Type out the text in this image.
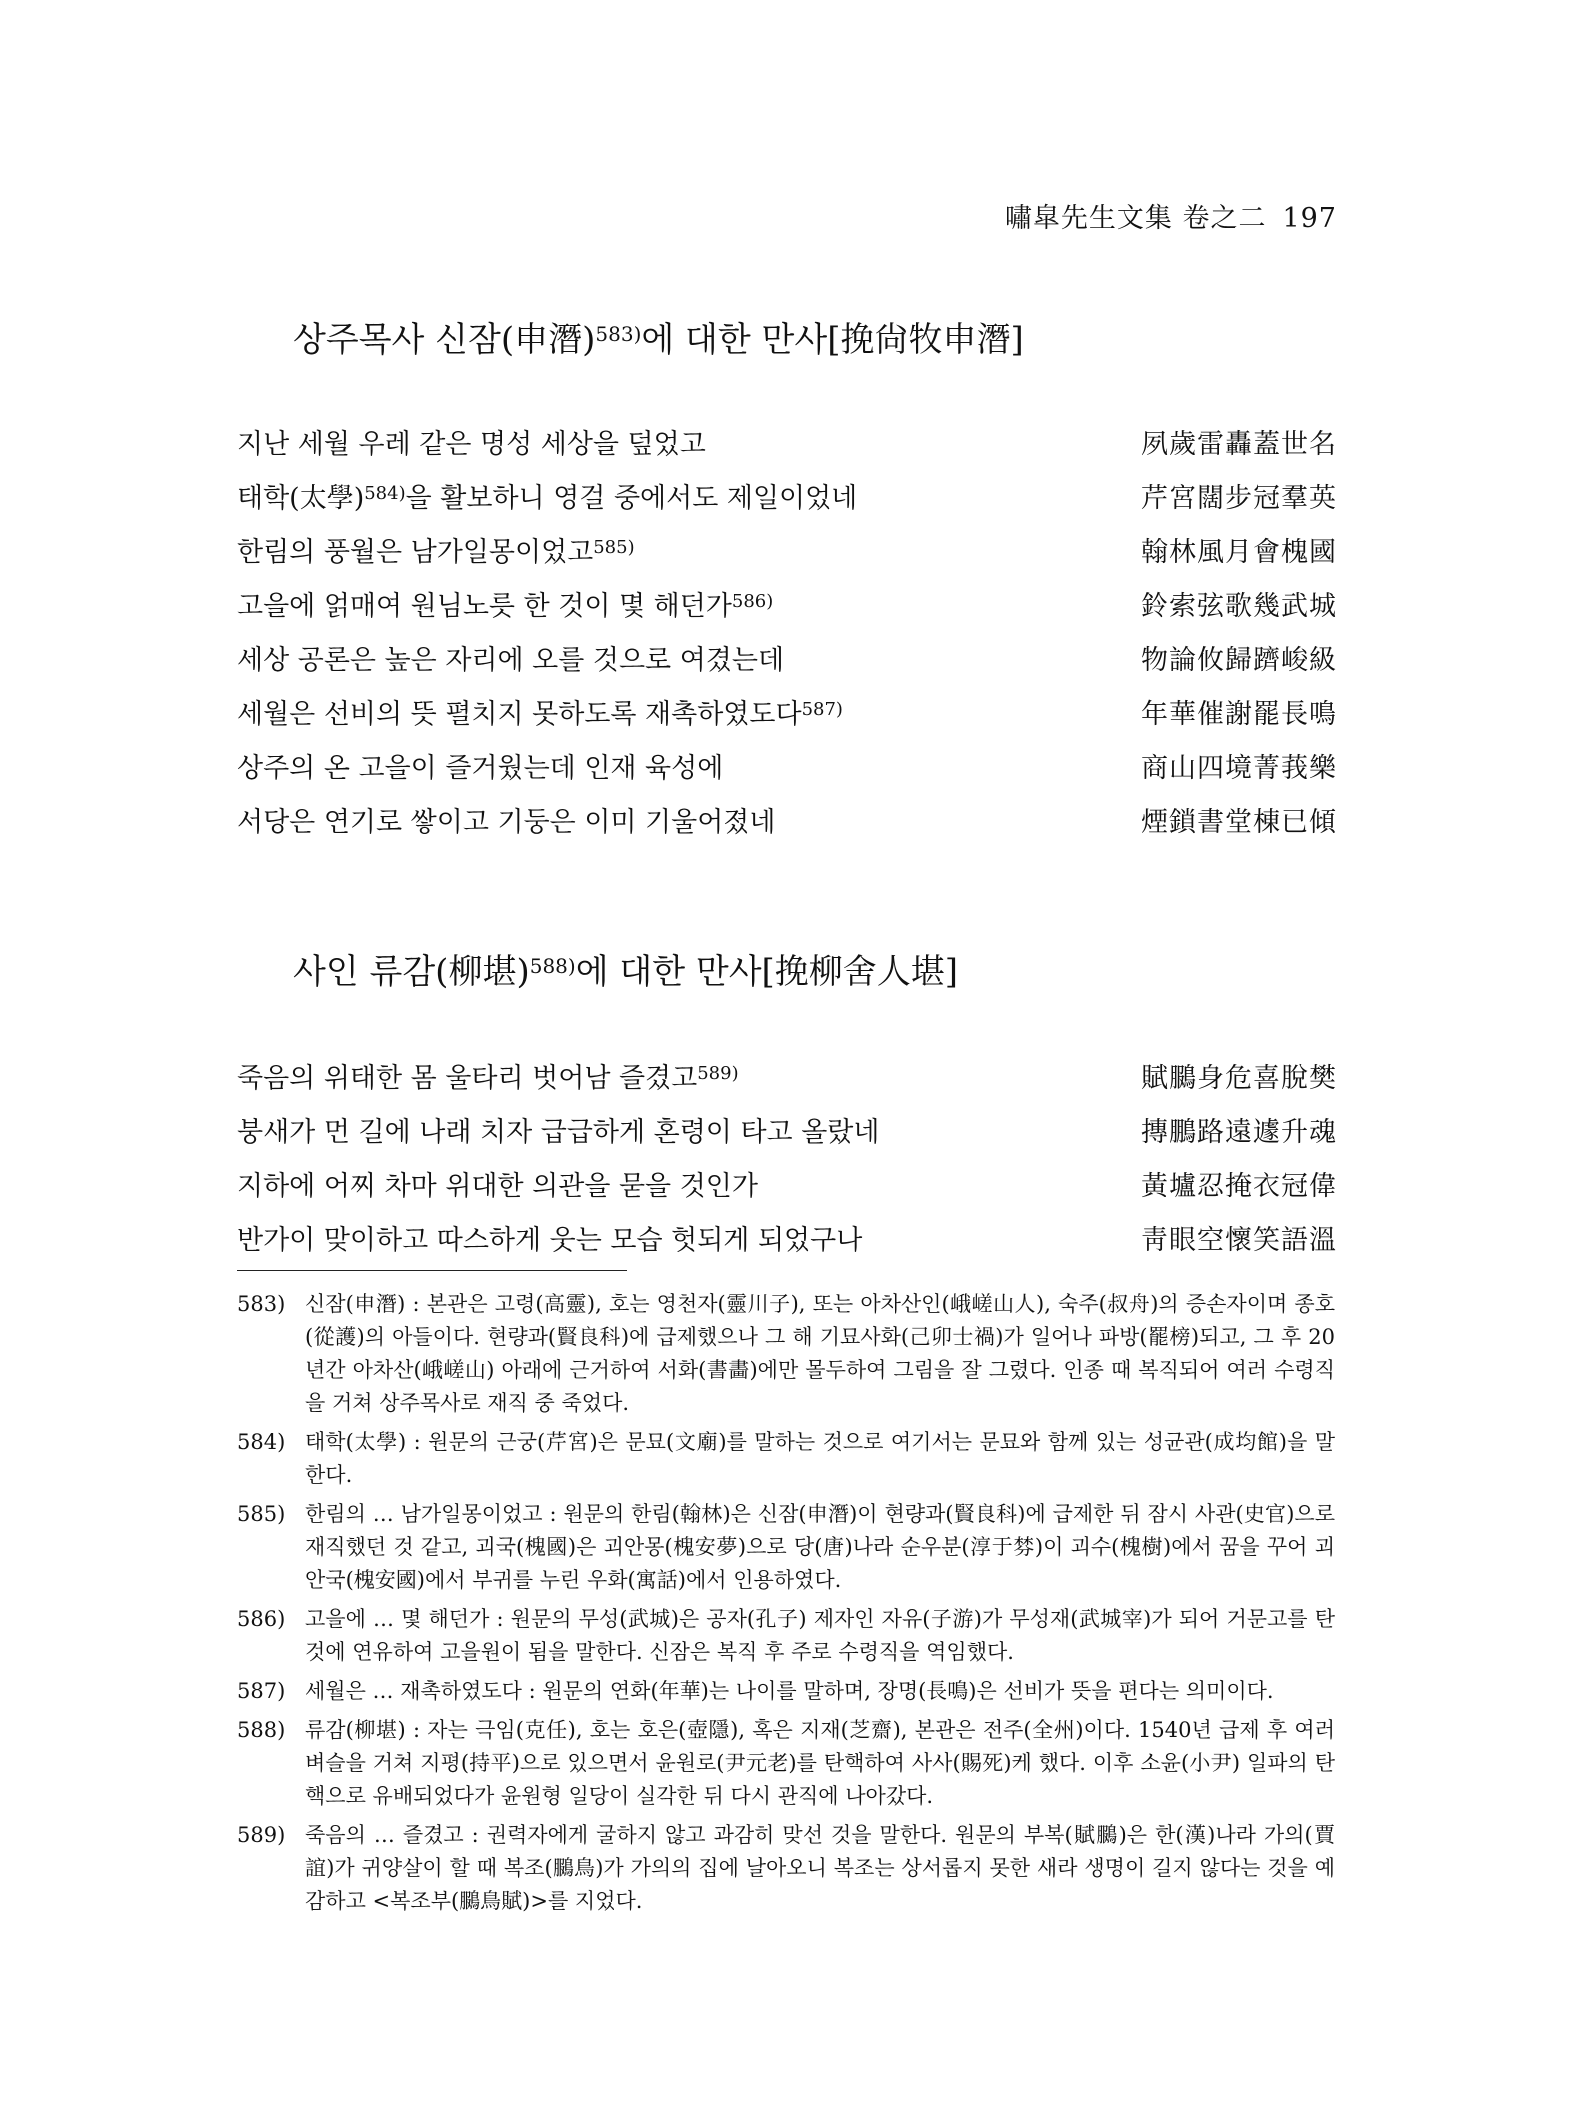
嘯皐先生文集 卷之二 197
상주목사 신잠(申潛)$^{583)}$에 대한 만사[挽尙牧申潛]
지난 세월 우레 같은 명성 세상을 덮었고	夙歲雷轟蓋世名
태학(太學)$^{584)}$을 활보하니 영걸 중에서도 제일이었네	芹宮闊步冠羣英
한림의 풍월은 남가일몽이었고$^{585)}$	翰林風月會槐國
고을에 얽매여 원님노릇 한 것이 몇 해던가$^{586)}$	鈴索弦歌幾武城
세상 공론은 높은 자리에 오를 것으로 여겼는데	物論攸歸躋峻級
세월은 선비의 뜻 펼치지 못하도록 재촉하였도다$^{587)}$	年華催謝罷長鳴
상주의 온 고을이 즐거웠는데 인재 육성에	商山四境菁莪樂
서당은 연기로 쌓이고 기둥은 이미 기울어졌네	煙鎖書堂棟已傾
사인 류감(柳堪)$^{588)}$에 대한 만사[挽柳舍人堪]
죽음의 위태한 몸 울타리 벗어남 즐겼고$^{589)}$	賦鵩身危喜脫樊
붕새가 먼 길에 나래 치자 급급하게 혼령이 타고 올랐네	摶鵬路遠遽升魂
지하에 어찌 차마 위대한 의관을 묻을 것인가	黃壚忍掩衣冠偉
반가이 맞이하고 따스하게 웃는 모습 헛되게 되었구나	靑眼空懷笑語溫
583) 신잠(申潛) : 본관은 고령(高靈), 호는 영천자(靈川子), 또는 아차산인(峨嵯山人), 숙주(叔舟)의 증손자이며 종호(從護)의 아들이다. 현량과(賢良科)에 급제했으나 그 해 기묘사화(己卯士禍)가 일어나 파방(罷榜)되고, 그 후 20년간 아차산(峨嵯山) 아래에 근거하여 서화(書畵)에만 몰두하여 그림을 잘 그렸다. 인종 때 복직되어 여러 수령직을 거쳐 상주목사로 재직 중 죽었다.
584) 태학(太學) : 원문의 근궁(芹宮)은 문묘(文廟)를 말하는 것으로 여기서는 문묘와 함께 있는 성균관(成均館)을 말한다.
585) 한림의 … 남가일몽이었고 : 원문의 한림(翰林)은 신잠(申潛)이 현량과(賢良科)에 급제한 뒤 잠시 사관(史官)으로 재직했던 것 같고, 괴국(槐國)은 괴안몽(槐安夢)으로 당(唐)나라 순우분(淳于棼)이 괴수(槐樹)에서 꿈을 꾸어 괴안국(槐安國)에서 부귀를 누린 우화(寓話)에서 인용하였다.
586) 고을에 … 몇 해던가 : 원문의 무성(武城)은 공자(孔子) 제자인 자유(子游)가 무성재(武城宰)가 되어 거문고를 탄 것에 연유하여 고을원이 됨을 말한다. 신잠은 복직 후 주로 수령직을 역임했다.
587) 세월은 … 재촉하였도다 : 원문의 연화(年華)는 나이를 말하며, 장명(長鳴)은 선비가 뜻을 편다는 의미이다.
588) 류감(柳堪) : 자는 극임(克任), 호는 호은(壺隱), 혹은 지재(芝齋), 본관은 전주(全州)이다. 1540년 급제 후 여러 벼슬을 거쳐 지평(持平)으로 있으면서 윤원로(尹元老)를 탄핵하여 사사(賜死)케 했다. 이후 소윤(小尹) 일파의 탄핵으로 유배되었다가 윤원형 일당이 실각한 뒤 다시 관직에 나아갔다.
589) 죽음의 … 즐겼고 : 권력자에게 굴하지 않고 과감히 맞선 것을 말한다. 원문의 부복(賦鵩)은 한(漢)나라 가의(賈誼)가 귀양살이 할 때 복조(鵩鳥)가 가의의 집에 날아오니 복조는 상서롭지 못한 새라 생명이 길지 않다는 것을 예감하고 <복조부(鵩鳥賦)>를 지었다.
